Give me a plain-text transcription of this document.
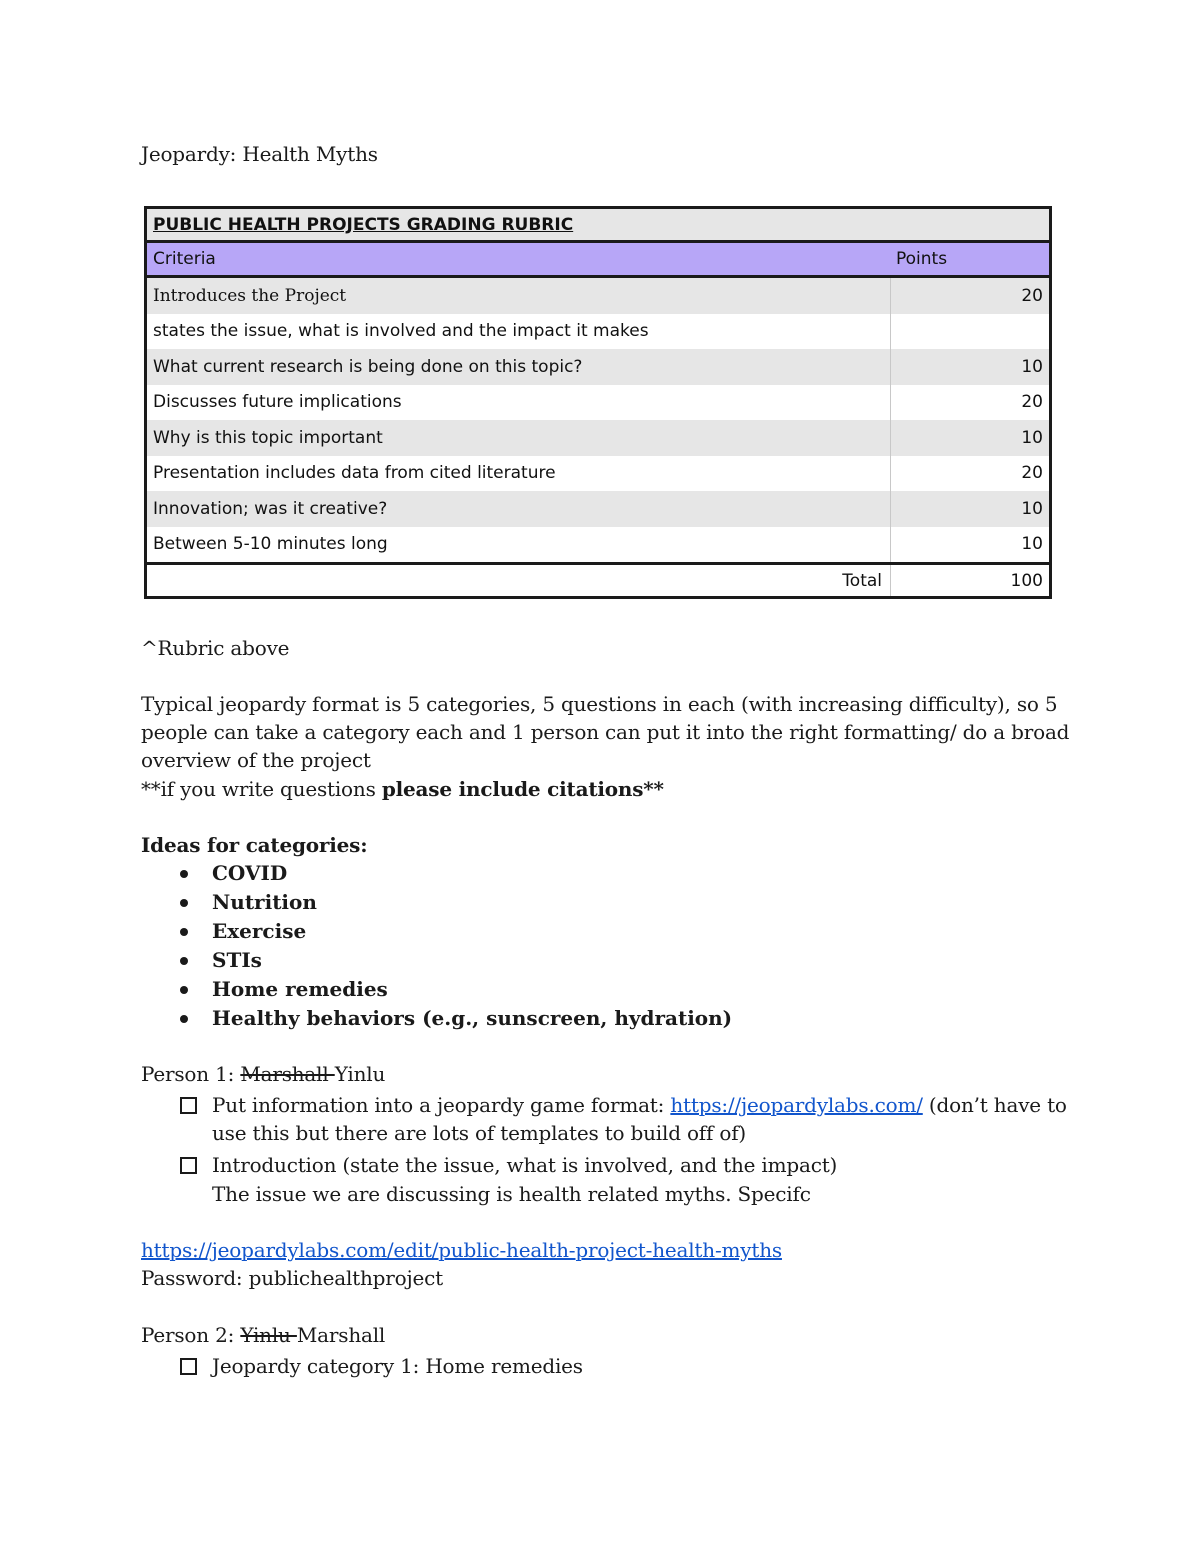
Jeopardy: Health Myths
PUBLIC HEALTH PROJECTS GRADING RUBRIC
Criteria	Points
Introduces the Project	20
states the issue, what is involved and the impact it makes
What current research is being done on this topic?	10
Discusses future implications	20
Why is this topic important	10
Presentation includes data from cited literature	20
Innovation; was it creative?	10
Between 5-10 minutes long	10
Total	100
^Rubric above
Typical jeopardy format is 5 categories, 5 questions in each (with increasing difficulty), so 5
people can take a category each and 1 person can put it into the right formatting/ do a broad
overview of the project
**if you write questions please include citations**
Ideas for categories:
COVID
Nutrition
Exercise
STIs
Home remedies
Healthy behaviors (e.g., sunscreen, hydration)
Person 1: Marshall Yinlu
Put information into a jeopardy game format: https://jeopardylabs.com/ (don’t have to
use this but there are lots of templates to build off of)
Introduction (state the issue, what is involved, and the impact)
The issue we are discussing is health related myths. Specifc
https://jeopardylabs.com/edit/public-health-project-health-myths
Password: publichealthproject
Person 2: Yinlu Marshall
Jeopardy category 1: Home remedies
